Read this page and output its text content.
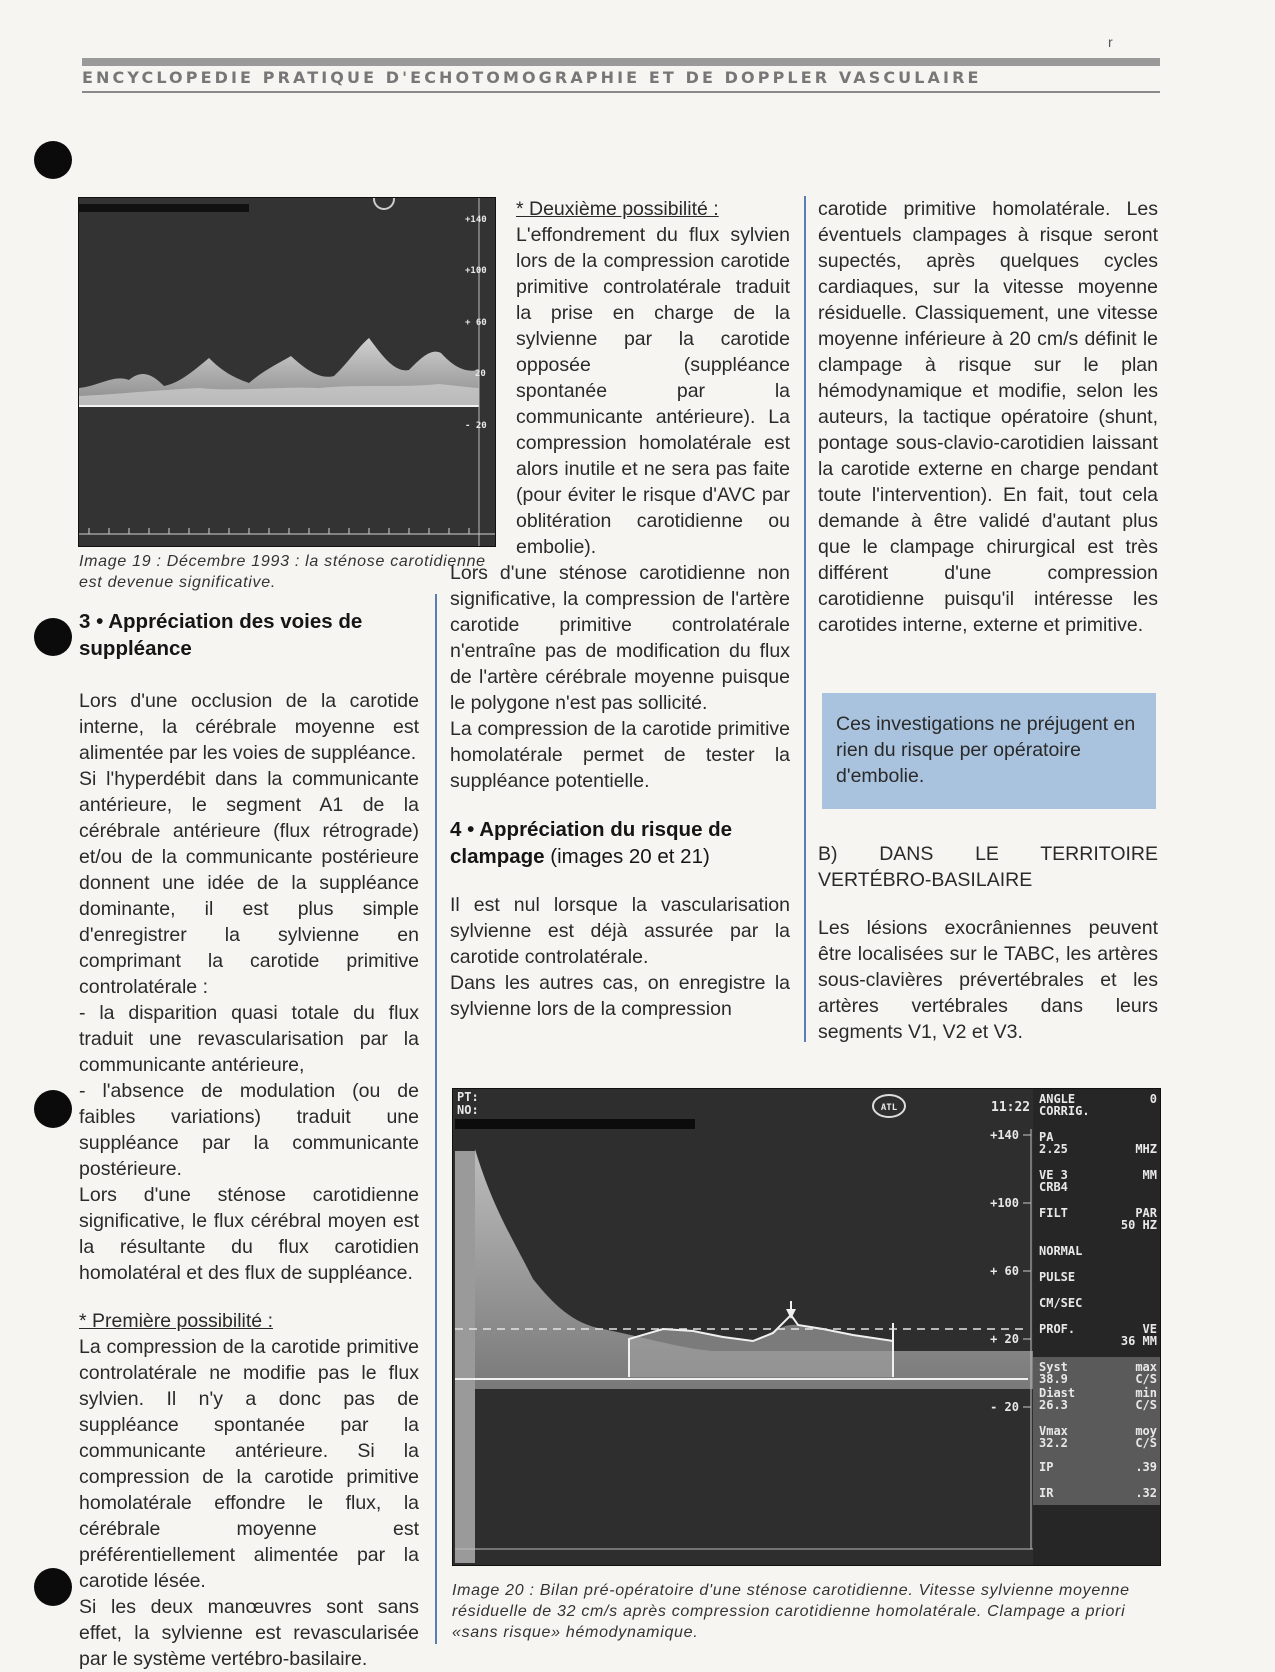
r
ENCYCLOPEDIE PRATIQUE D'ECHOTOMOGRAPHIE ET DE DOPPLER VASCULAIRE
+140
+100
+ 60
20
- 20
Image 19 : Décembre 1993 : la sténose carotidienne est devenue significative.
3 • Appréciation des voies de suppléance

Lors d'une occlusion de la carotide interne, la cérébrale moyenne est alimentée par les voies de suppléance.

Si l'hyperdébit dans la communicante antérieure, le segment A1 de la cérébrale antérieure (flux rétrograde) et/ou de la communicante postérieure donnent une idée de la suppléance dominante, il est plus simple d'enregistrer la sylvienne en comprimant la carotide primitive controlatérale :

- la disparition quasi totale du flux traduit une revascularisation par la communicante antérieure,

- l'absence de modulation (ou de faibles variations) traduit une suppléance par la communicante postérieure.

Lors d'une sténose carotidienne significative, le flux cérébral moyen est la résultante du flux carotidien homolatéral et des flux de suppléance.

* Première possibilité :

La compression de la carotide primitive controlatérale ne modifie pas le flux sylvien. Il n'y a donc pas de suppléance spontanée par la communicante antérieure. Si la compression de la carotide primitive homolatérale effondre le flux, la cérébrale moyenne est préférentiellement alimentée par la carotide lésée.

Si les deux manœuvres sont sans effet, la sylvienne est revascularisée par le système vertébro-basilaire.

* Deuxième possibilité :

L'effondrement du flux sylvien lors de la compression carotide primitive controlatérale traduit la prise en charge de la sylvienne par la carotide opposée (suppléance spontanée par la communicante antérieure). La compression homolatérale est alors inutile et ne sera pas faite (pour éviter le risque d'AVC par oblitération carotidienne ou embolie).

Lors d'une sténose carotidienne non significative, la compression de l'artère carotide primitive controlatérale n'entraîne pas de modification du flux de l'artère cérébrale moyenne puisque le polygone n'est pas sollicité.

La compression de la carotide primitive homolatérale permet de tester la suppléance potentielle.

4 • Appréciation du risque de clampage (images 20 et 21)

Il est nul lorsque la vascularisation sylvienne est déjà assurée par la carotide controlatérale.

Dans les autres cas, on enregistre la sylvienne lors de la compression

carotide primitive homolatérale. Les éventuels clampages à risque seront supectés, après quelques cycles cardiaques, sur la vitesse moyenne résiduelle. Classiquement, une vitesse moyenne inférieure à 20 cm/s définit le clampage à risque sur le plan hémodynamique et modifie, selon les auteurs, la tactique opératoire (shunt, pontage sous-clavio-carotidien laissant la carotide externe en charge pendant toute l'intervention). En fait, tout cela demande à être validé d'autant plus que le clampage chirurgical est très différent d'une compression carotidienne puisqu'il intéresse les carotides interne, externe et primitive.

Ces investigations ne préjugent en rien du risque per opératoire d'embolie.

B) DANS LE TERRITOIRE VERTÉBRO-BASILAIRE

Les lésions exocrâniennes peuvent être localisées sur le TABC, les artères sous-clavières prévertébrales et les artères vertébrales dans leurs segments V1, V2 et V3.

PT:
NO:	ATL	11:22
+140
+100
+ 60
+ 20
- 20
ANGLE	0
CORRIG.
PA
2.25	MHZ
VE 3	MM
CRB4
FILT	PAR
50 HZ
NORMAL
PULSE
CM/SEC
PROF.	VE
36 MM
Syst	max
38.9	C/S
Diast	min
26.3	C/S
Vmax	moy
32.2	C/S
IP	.39
IR	.32
Image 20 : Bilan pré-opératoire d'une sténose carotidienne. Vitesse sylvienne moyenne résiduelle de 32 cm/s après compression carotidienne homolatérale. Clampage a priori «sans risque» hémodynamique.
